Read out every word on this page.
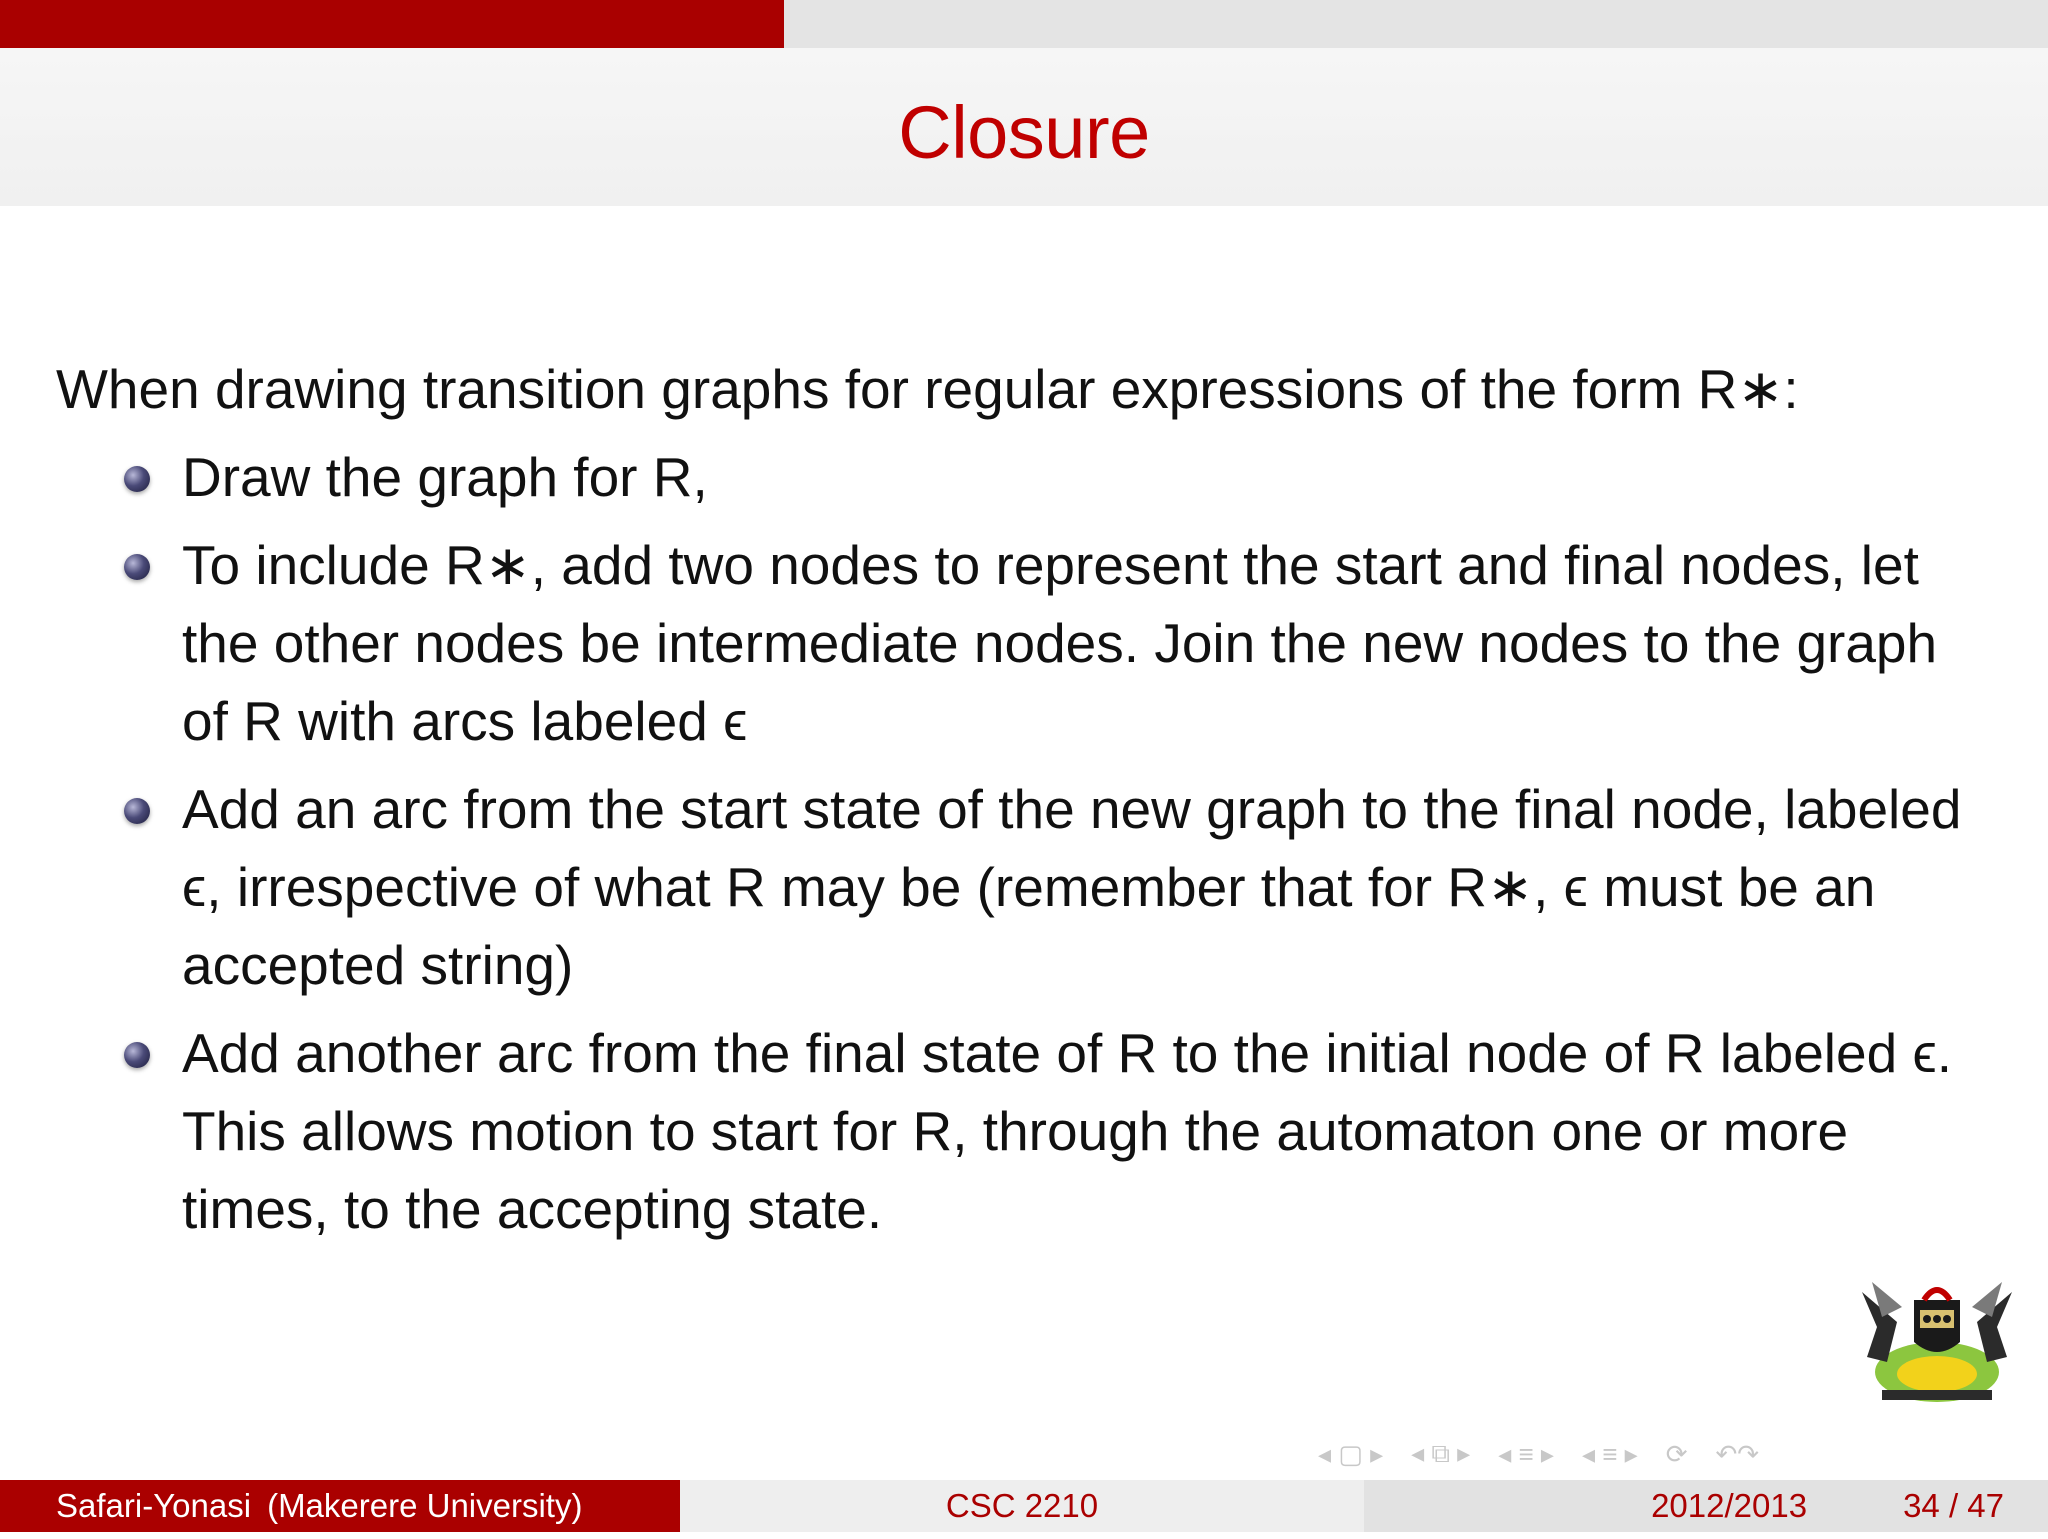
Closure

When drawing transition graphs for regular expressions of the form R∗:

Draw the graph for R,
To include R∗, add two nodes to represent the start and final nodes, let the other nodes be intermediate nodes. Join the new nodes to the graph of R with arcs labeled ϵ
Add an arc from the start state of the new graph to the final node, labeled ϵ, irrespective of what R may be (remember that for R∗, ϵ must be an accepted string)
Add another arc from the final state of R to the initial node of R labeled ϵ. This allows motion to start for R, through the automaton one or more times, to the accepting state.
◂ ▢ ▸ ◂ ⧉ ▸ ◂ ≡ ▸ ◂ ≡ ▸ ⟳ ↶↷
Safari-Yonasi (Makerere University)	CSC 2210	2012/2013	34 / 47
